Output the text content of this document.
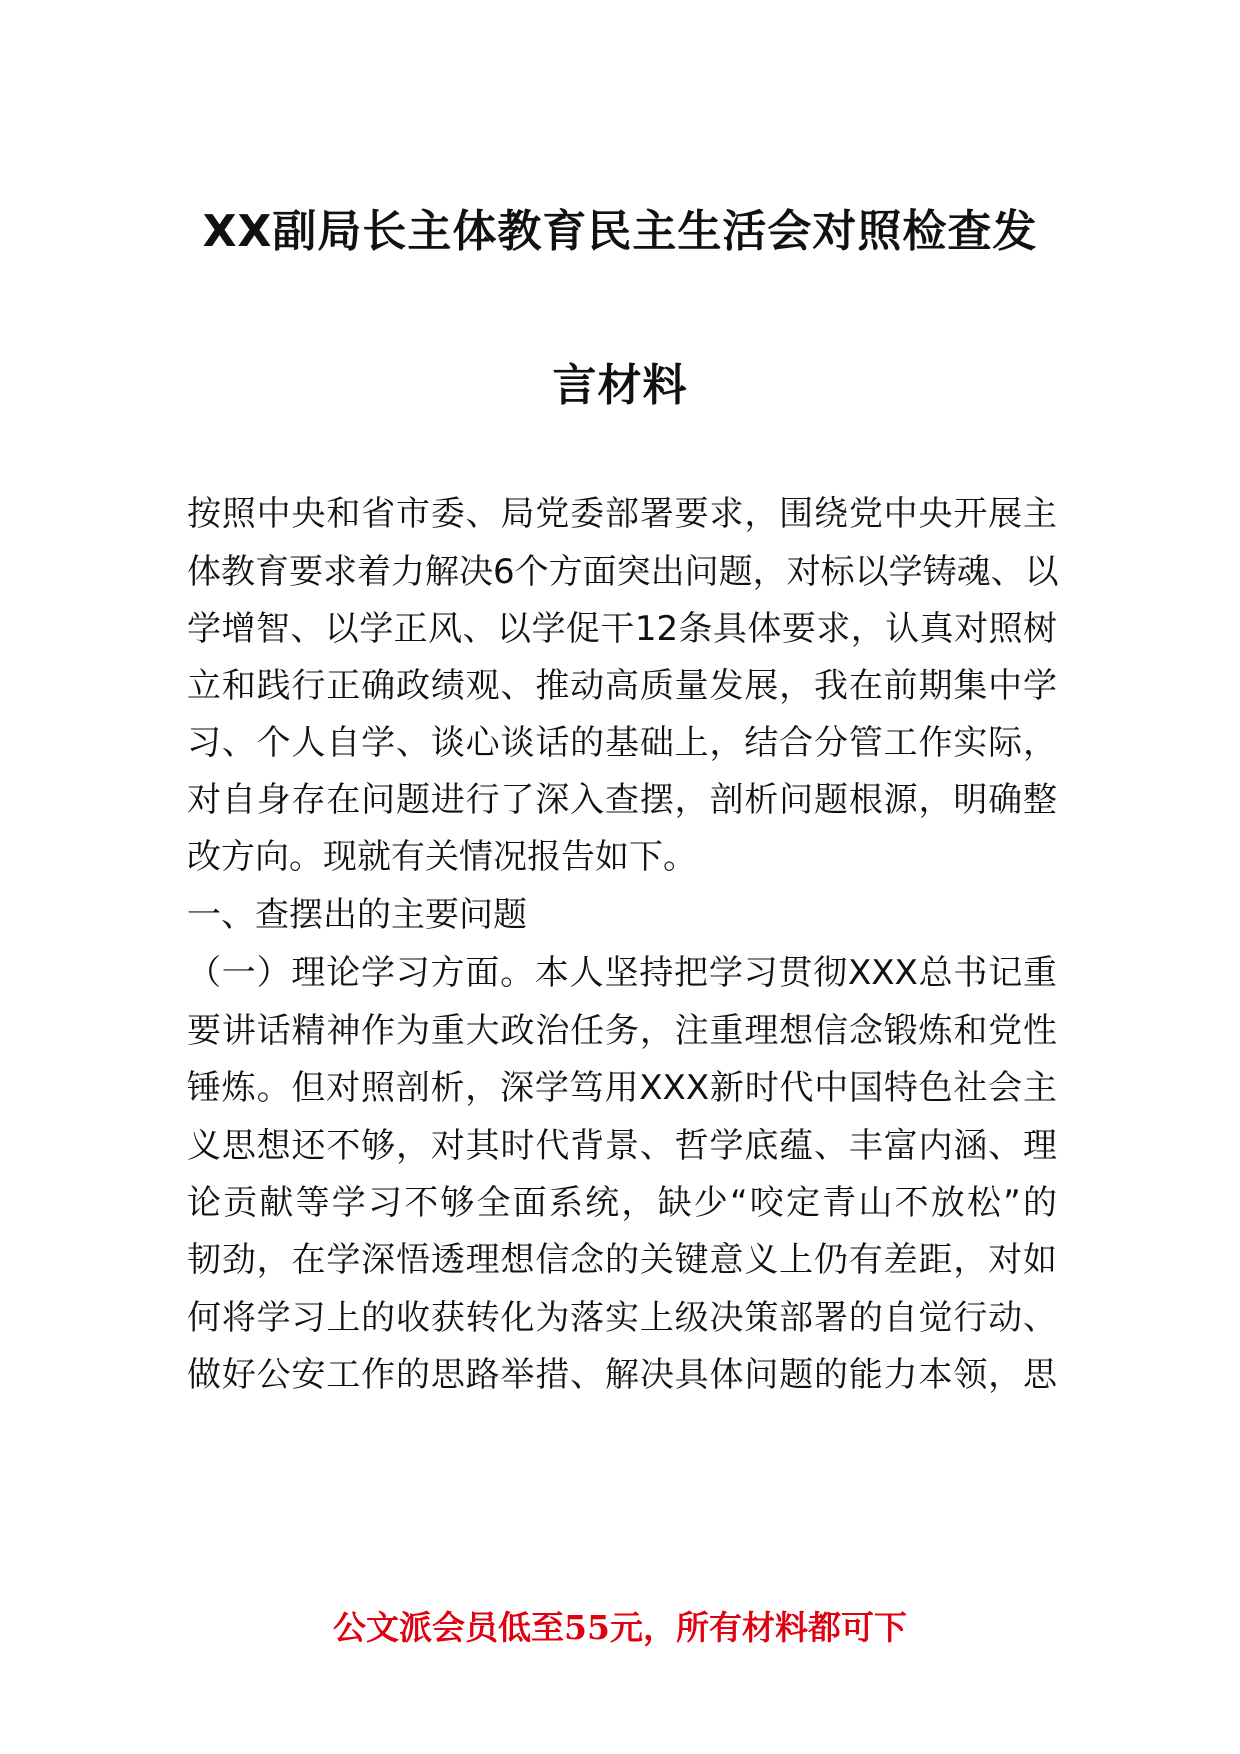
XX副局长主体教育民主生活会对照检查发
言材料
按照中央和省市委、局党委部署要求，围绕党中央开展主
体教育要求着力解决6个方面突出问题，对标以学铸魂、以
学增智、以学正风、以学促干12条具体要求，认真对照树
立和践行正确政绩观、推动高质量发展，我在前期集中学
习、个人自学、谈心谈话的基础上，结合分管工作实际，
对自身存在问题进行了深入查摆，剖析问题根源，明确整
改方向。现就有关情况报告如下。
一、查摆出的主要问题
（一）理论学习方面。本人坚持把学习贯彻XXX总书记重
要讲话精神作为重大政治任务，注重理想信念锻炼和党性
锤炼。但对照剖析，深学笃用XXX新时代中国特色社会主
义思想还不够，对其时代背景、哲学底蕴、丰富内涵、理
论贡献等学习不够全面系统，缺少“咬定青山不放松”的
韧劲，在学深悟透理想信念的关键意义上仍有差距，对如
何将学习上的收获转化为落实上级决策部署的自觉行动、
做好公安工作的思路举措、解决具体问题的能力本领，思
公文派会员低至55元，所有材料都可下
